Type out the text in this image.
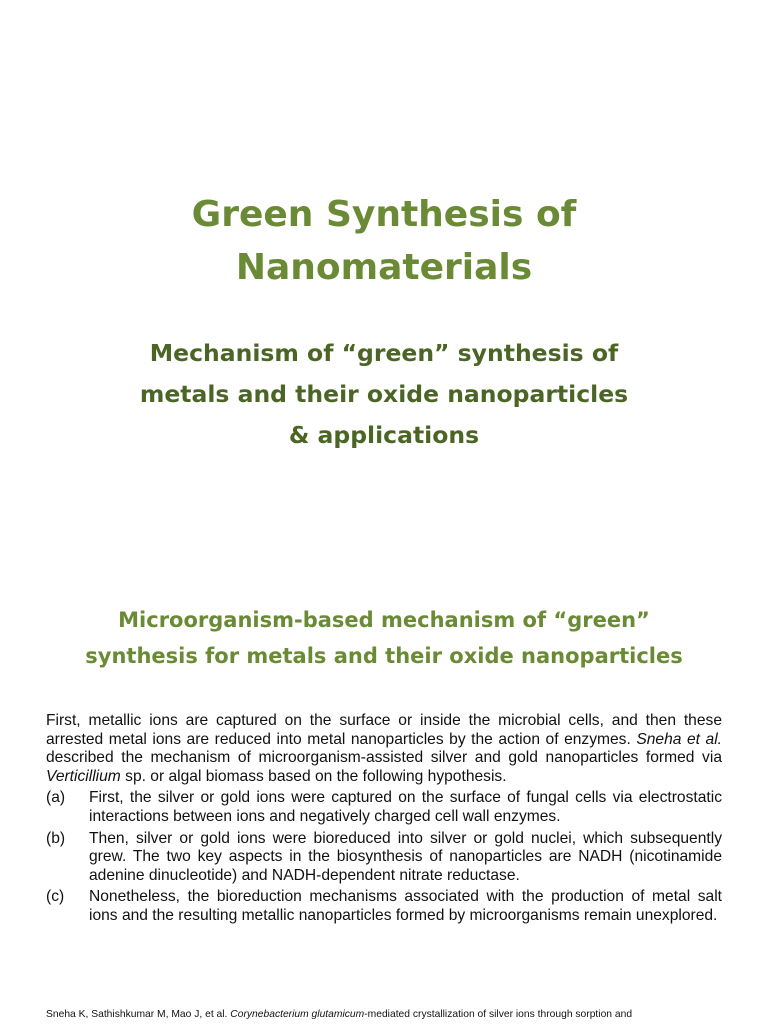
Green Synthesis of
Nanomaterials
Mechanism of “green” synthesis of
metals and their oxide nanoparticles
& applications
Microorganism-based mechanism of “green”
synthesis for metals and their oxide nanoparticles

First, metallic ions are captured on the surface or inside the microbial cells, and then these arrested metal ions are reduced into metal nanoparticles by the action of enzymes. Sneha et al. described the mechanism of microorganism-assisted silver and gold nanoparticles formed via Verticillium sp. or algal biomass based on the following hypothesis.

(a)	First, the silver or gold ions were captured on the surface of fungal cells via electrostatic interactions between ions and negatively charged cell wall enzymes.
(b)	Then, silver or gold ions were bioreduced into silver or gold nuclei, which subsequently grew. The two key aspects in the biosynthesis of nanoparticles are NADH (nicotinamide adenine dinucleotide) and NADH-dependent nitrate reductase.
(c)	Nonetheless, the bioreduction mechanisms associated with the production of metal salt ions and the resulting metallic nanoparticles formed by microorganisms remain unexplored.
Sneha K, Sathishkumar M, Mao J, et al. Corynebacterium glutamicum-mediated crystallization of silver ions through sorption and
